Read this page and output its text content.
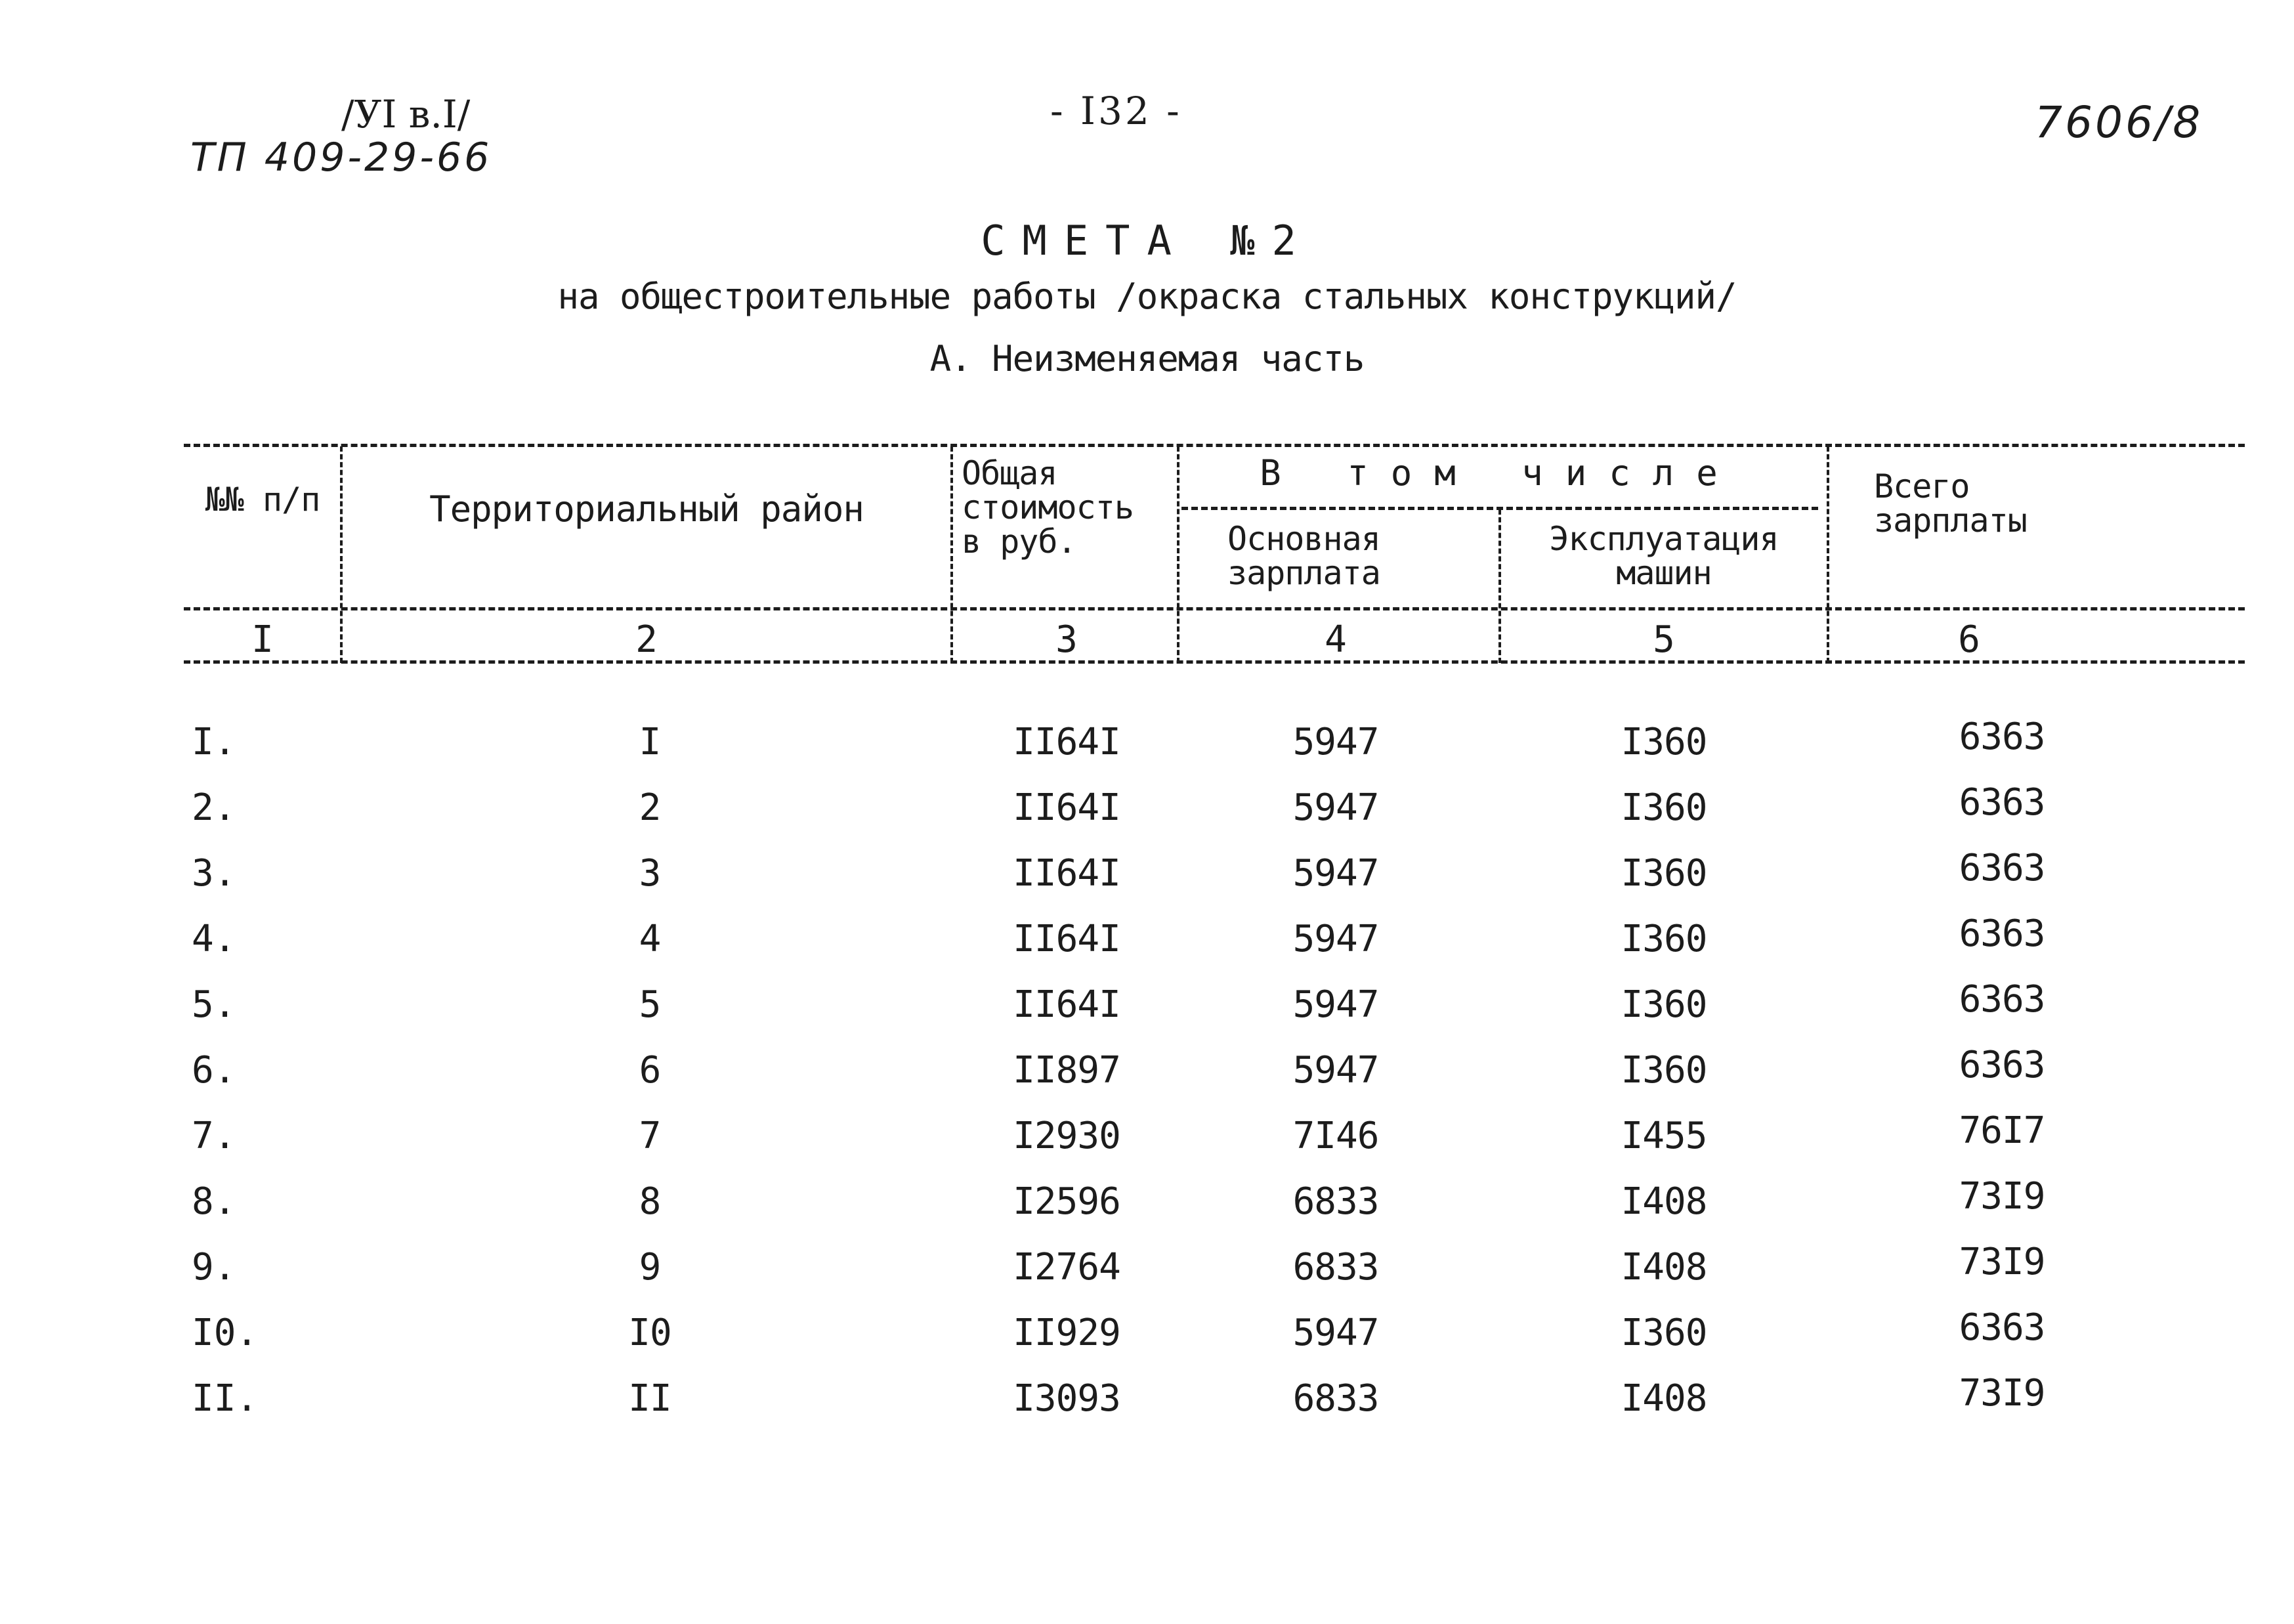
/УI в.I/
ТП 409-29-66
- I32 -	7606/8
СМЕТА №2
на общестроительные работы /окраска стальных конструкций/
А. Неизменяемая часть
№№ п/п	Территориальный район
Общая стоимость в руб.
В том числе
Основная зарплата
Эксплуатация машин
Всего зарплаты
I	2	3	4	5	6
I.	I	II64I	5947	I360	6363
2.	2	II64I	5947	I360	6363
3.	3	II64I	5947	I360	6363
4.	4	II64I	5947	I360	6363
5.	5	II64I	5947	I360	6363
6.	6	II897	5947	I360	6363
7.	7	I2930	7I46	I455	76I7
8.	8	I2596	6833	I408	73I9
9.	9	I2764	6833	I408	73I9
I0.	I0	II929	5947	I360	6363
II.	II	I3093	6833	I408	73I9
